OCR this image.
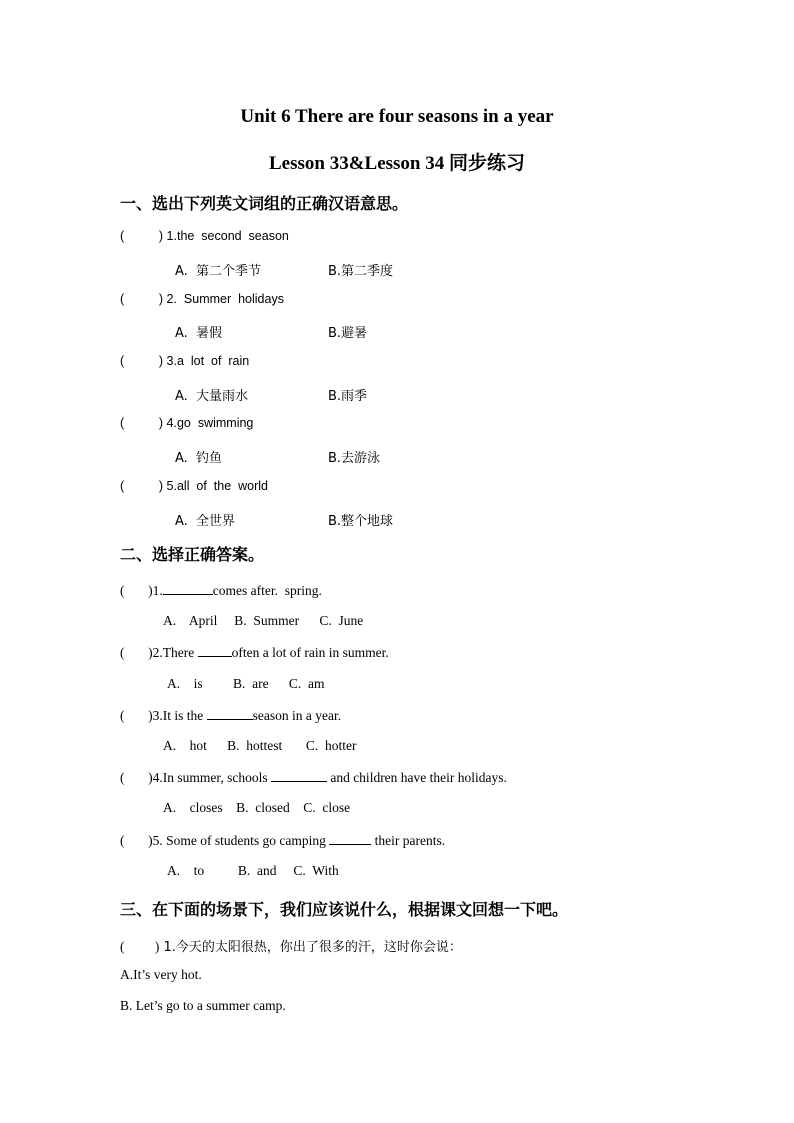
Unit 6 There are four seasons in a year
Lesson 33&Lesson 34 同步练习
一、选出下列英文词组的正确汉语意思。
(          ) 1.the  second  season
A.  第二个季节	B.第二季度
(          ) 2.  Summer  holidays
A.  暑假	B.避暑
(          ) 3.a  lot  of  rain
A.  大量雨水	B.雨季
(          ) 4.go  swimming
A.  钓鱼	B.去游泳
(          ) 5.all  of  the  world
A.  全世界	B.整个地球
二、选择正确答案。
(       )1.	comes after.  spring.
A.    April     B.  Summer      C.  June
(       )2.There	often a lot of rain in summer.
A.    is         B.  are      C.  am
(       )3.It is the	season in a year.
A.    hot      B.  hottest       C.  hotter
(       )4.In summer, schools	and children have their holidays.
A.    closes    B.  closed    C.  close
(       )5. Some of students go camping	their parents.
A.    to          B.  and     C.  With
三、在下面的场景下，我们应该说什么，根据课文回想一下吧。
(         ) 1.今天的太阳很热，你出了很多的汗，这时你会说：
A.It’s very hot.
B. Let’s go to a summer camp.
